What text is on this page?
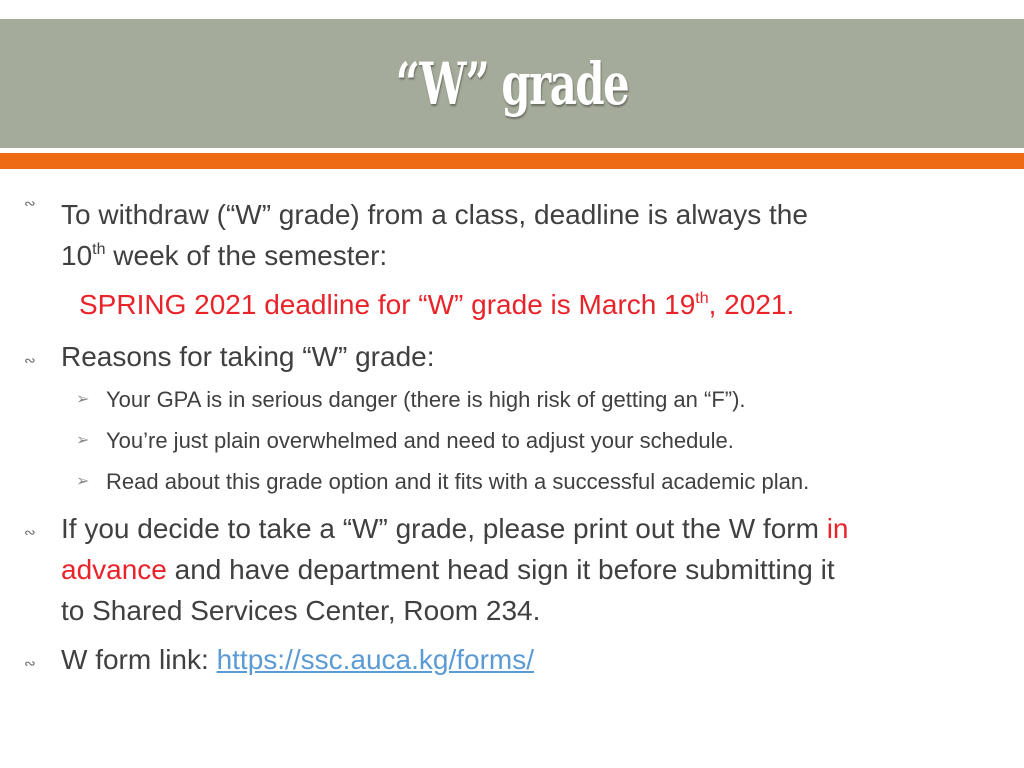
“W” grade
∾ To withdraw (“W” grade) from a class, deadline is always the
10th week of the semester:
SPRING 2021 deadline for “W” grade is March 19th, 2021.
∾ Reasons for taking “W” grade:
➢ Your GPA is in serious danger (there is high risk of getting an “F”).
➢ You’re just plain overwhelmed and need to adjust your schedule.
➢ Read about this grade option and it fits with a successful academic plan.
∾ If you decide to take a “W” grade, please print out the W form in
advance and have department head sign it before submitting it
to Shared Services Center, Room 234.
∾ W form link: https://ssc.auca.kg/forms/
